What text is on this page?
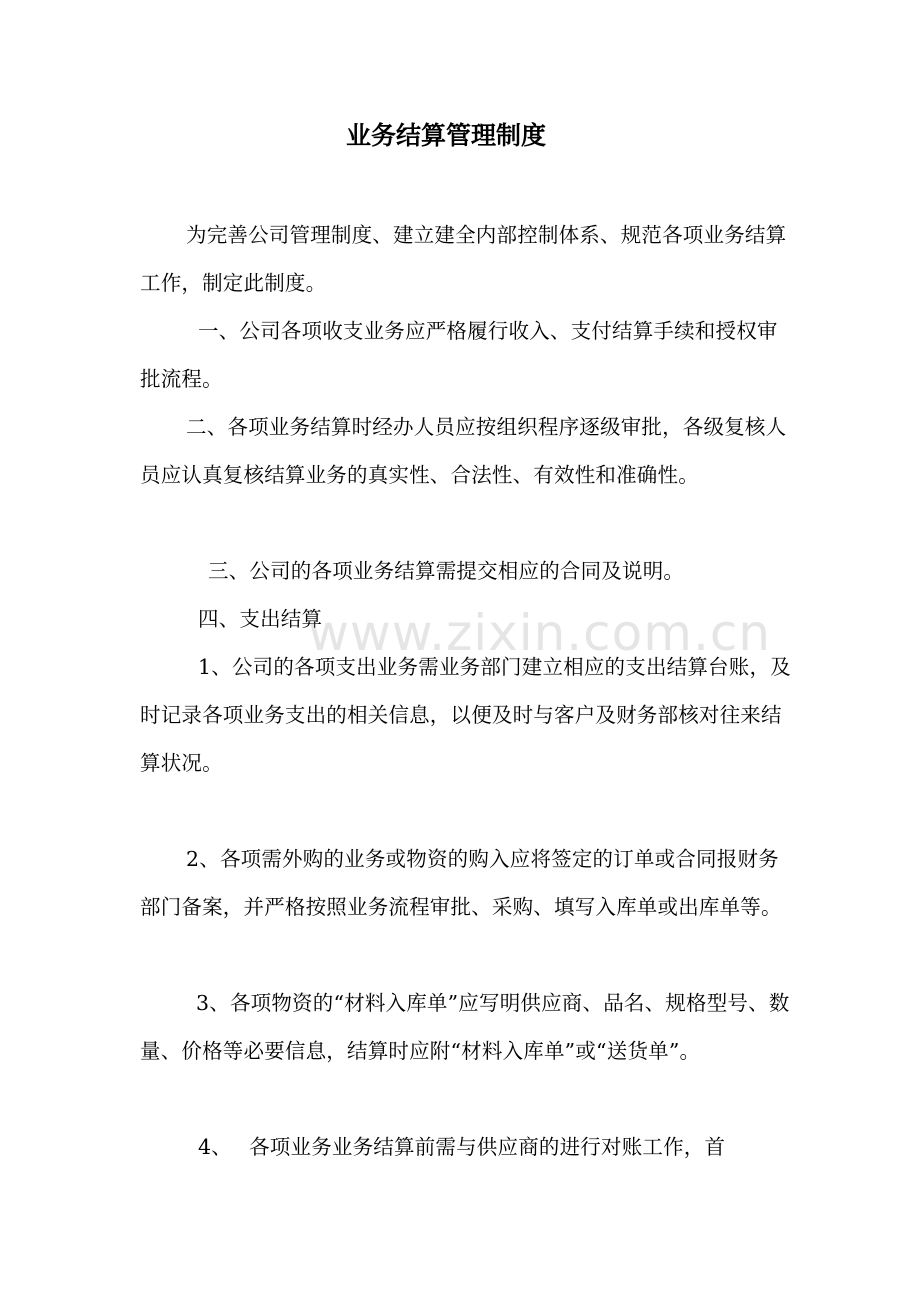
业务结算管理制度

为完善公司管理制度、建立建全内部控制体系、规范各项业务结算工作，制定此制度。

一、公司各项收支业务应严格履行收入、支付结算手续和授权审批流程。

二、各项业务结算时经办人员应按组织程序逐级审批，各级复核人员应认真复核结算业务的真实性、合法性、有效性和准确性。

三、公司的各项业务结算需提交相应的合同及说明。

四、支出结算

1、公司的各项支出业务需业务部门建立相应的支出结算台账，及时记录各项业务支出的相关信息，以便及时与客户及财务部核对往来结算状况。

2、各项需外购的业务或物资的购入应将签定的订单或合同报财务部门备案，并严格按照业务流程审批、采购、填写入库单或出库单等。

3、各项物资的“材料入库单”应写明供应商、品名、规格型号、数量、价格等必要信息，结算时应附“材料入库单”或“送货单”。

4、　 各项业务业务结算前需与供应商的进行对账工作，首

www.zixin.com.cn
